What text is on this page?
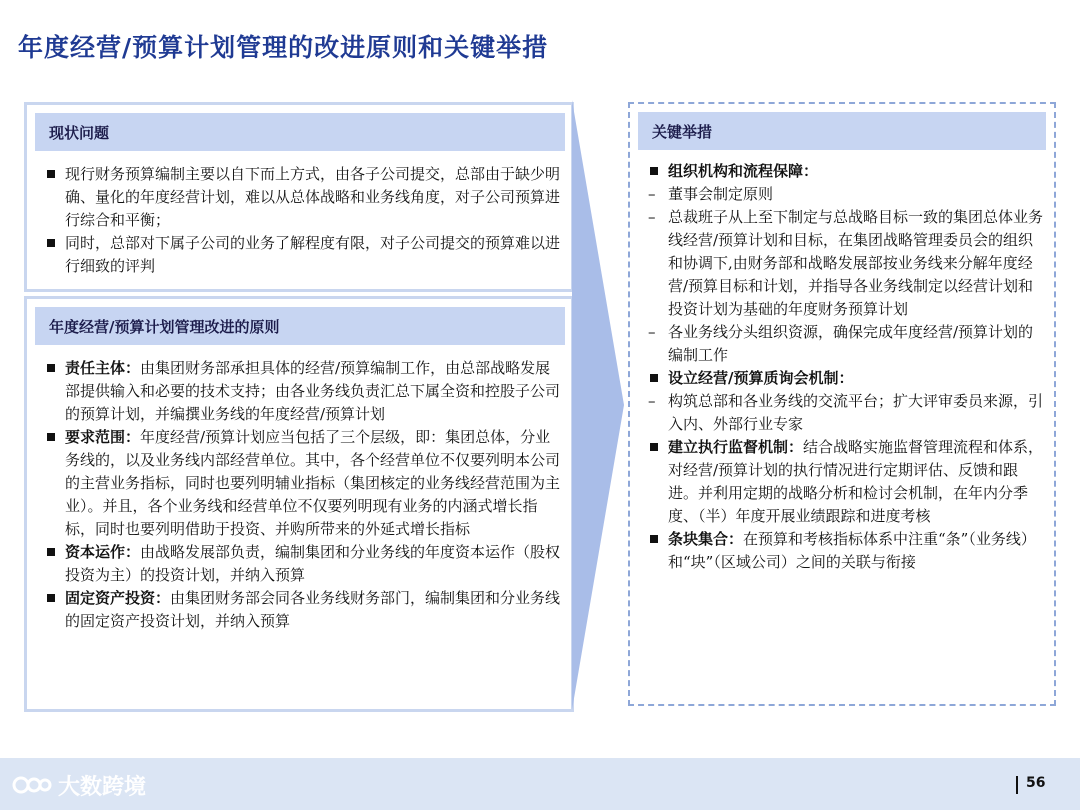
年度经营/预算计划管理的改进原则和关键举措
现状问题
现行财务预算编制主要以自下而上方式，由各子公司提交，总部由于缺少明确、量化的年度经营计划，难以从总体战略和业务线角度，对子公司预算进行综合和平衡；
同时，总部对下属子公司的业务了解程度有限，对子公司提交的预算难以进行细致的评判
年度经营/预算计划管理改进的原则
责任主体：由集团财务部承担具体的经营/预算编制工作，由总部战略发展部提供输入和必要的技术支持；由各业务线负责汇总下属全资和控股子公司的预算计划，并编撰业务线的年度经营/预算计划
要求范围：年度经营/预算计划应当包括了三个层级，即：集团总体，分业务线的，以及业务线内部经营单位。其中，各个经营单位不仅要列明本公司的主营业务指标，同时也要列明辅业指标（集团核定的业务线经营范围为主业）。并且，各个业务线和经营单位不仅要列明现有业务的内涵式增长指标，同时也要列明借助于投资、并购所带来的外延式增长指标
资本运作：由战略发展部负责，编制集团和分业务线的年度资本运作（股权投资为主）的投资计划，并纳入预算
固定资产投资：由集团财务部会同各业务线财务部门，编制集团和分业务线的固定资产投资计划，并纳入预算
关键举措
组织机构和流程保障：
– 董事会制定原则
– 总裁班子从上至下制定与总战略目标一致的集团总体业务线经营/预算计划和目标，在集团战略管理委员会的组织和协调下,由财务部和战略发展部按业务线来分解年度经营/预算目标和计划，并指导各业务线制定以经营计划和投资计划为基础的年度财务预算计划
– 各业务线分头组织资源，确保完成年度经营/预算计划的编制工作
设立经营/预算质询会机制：
– 构筑总部和各业务线的交流平台；扩大评审委员来源，引入内、外部行业专家
建立执行监督机制：结合战略实施监督管理流程和体系，对经营/预算计划的执行情况进行定期评估、反馈和跟进。并利用定期的战略分析和检讨会机制，在年内分季度、（半）年度开展业绩跟踪和进度考核
条块集合：在预算和考核指标体系中注重“条”（业务线）和“块”（区域公司）之间的关联与衔接
大数跨境	56
